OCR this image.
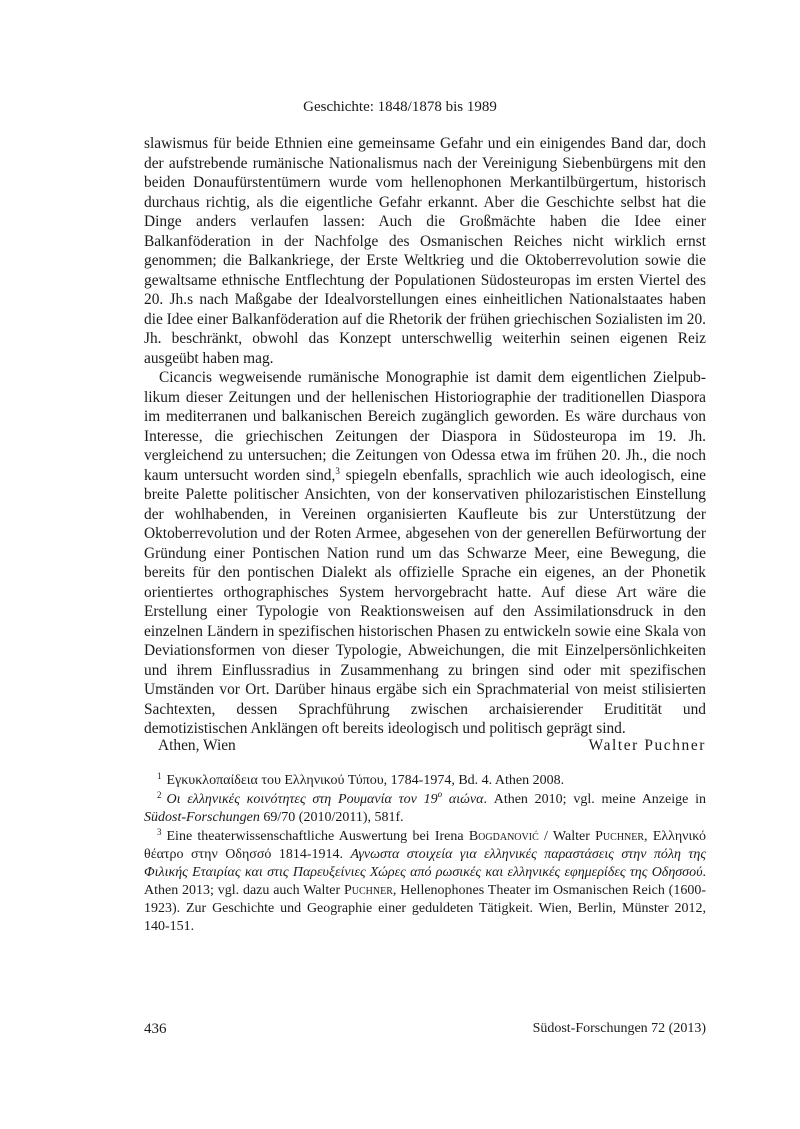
Geschichte: 1848/1878 bis 1989

slawismus für beide Ethnien eine gemeinsame Gefahr und ein einigendes Band dar, doch der aufstrebende rumänische Nationalismus nach der Vereinigung Siebenbürgens mit den beiden Donaufürstentümern wurde vom hellenophonen Merkantilbürgertum, historisch durchaus richtig, als die eigentliche Gefahr erkannt. Aber die Geschichte selbst hat die Dinge anders verlaufen lassen: Auch die Großmächte haben die Idee einer Balkanföderation in der Nachfolge des Osmanischen Reiches nicht wirklich ernst genommen; die Balkankriege, der Erste Weltkrieg und die Oktoberrevolution sowie die gewaltsame ethnische Entflechtung der Populationen Südosteuropas im ersten Viertel des 20. Jh.s nach Maßgabe der Idealvorstellungen eines einheitlichen Nationalstaates haben die Idee einer Balkanföderation auf die Rhetorik der frühen griechischen Sozialisten im 20. Jh. beschränkt, obwohl das Konzept unterschwellig weiterhin seinen eigenen Reiz ausgeübt haben mag.

Cicancis wegweisende rumänische Monographie ist damit dem eigentlichen Zielpublikum dieser Zeitungen und der hellenischen Historiographie der traditionellen Diaspora im mediterranen und balkanischen Bereich zugänglich geworden. Es wäre durchaus von Interesse, die griechischen Zeitungen der Diaspora in Südosteuropa im 19. Jh. vergleichend zu untersuchen; die Zeitungen von Odessa etwa im frühen 20. Jh., die noch kaum untersucht worden sind,$^3$ spiegeln ebenfalls, sprachlich wie auch ideologisch, eine breite Palette politischer Ansichten, von der konservativen philozaristischen Einstellung der wohlhabenden, in Vereinen organisierten Kaufleute bis zur Unterstützung der Oktoberrevolution und der Roten Armee, abgesehen von der generellen Befürwortung der Gründung einer Pontischen Nation rund um das Schwarze Meer, eine Bewegung, die bereits für den pontischen Dialekt als offizielle Sprache ein eigenes, an der Phonetik orientiertes orthographisches System hervorgebracht hatte. Auf diese Art wäre die Erstellung einer Typologie von Reaktionsweisen auf den Assimilationsdruck in den einzelnen Ländern in spezifischen historischen Phasen zu entwickeln sowie eine Skala von Deviationsformen von dieser Typologie, Abweichungen, die mit Einzelpersönlichkeiten und ihrem Einflussradius in Zusammenhang zu bringen sind oder mit spezifischen Umständen vor Ort. Darüber hinaus ergäbe sich ein Sprachmaterial von meist stilisierten Sachtexten, dessen Sprachführung zwischen archaisierender Eruditität und demotizistischen Anklängen oft bereits ideologisch und politisch geprägt sind.

Athen, Wien	Walter Puchner

$^1$ Εγκυκλοπαίδεια του Ελληνικού Τύπου, 1784-1974, Bd. 4. Athen 2008.

$^2$ Οι ελληνικές κοινότητες στη Ρουμανία τον $19^o$ αιώνα. Athen 2010; vgl. meine Anzeige in Südost-Forschungen 69/70 (2010/2011), 581f.

$^3$ Eine theaterwissenschaftliche Auswertung bei Irena Bogdanović / Walter Puchner, Ελληνικό θέατρο στην Οδησσό 1814-1914. Αγνωστα στοιχεία για ελληνικές παραστάσεις στην πόλη της Φιλικής Εταιρίας και στις Παρευξείνιες Χώρες από ρωσικές και ελληνικές εφημερίδες της Οδησσού. Athen 2013; vgl. dazu auch Walter Puchner, Hellenophones Theater im Osmanischen Reich (1600-1923). Zur Geschichte und Geographie einer geduldeten Tätigkeit. Wien, Berlin, Münster 2012, 140-151.

436	Südost-Forschungen 72 (2013)
